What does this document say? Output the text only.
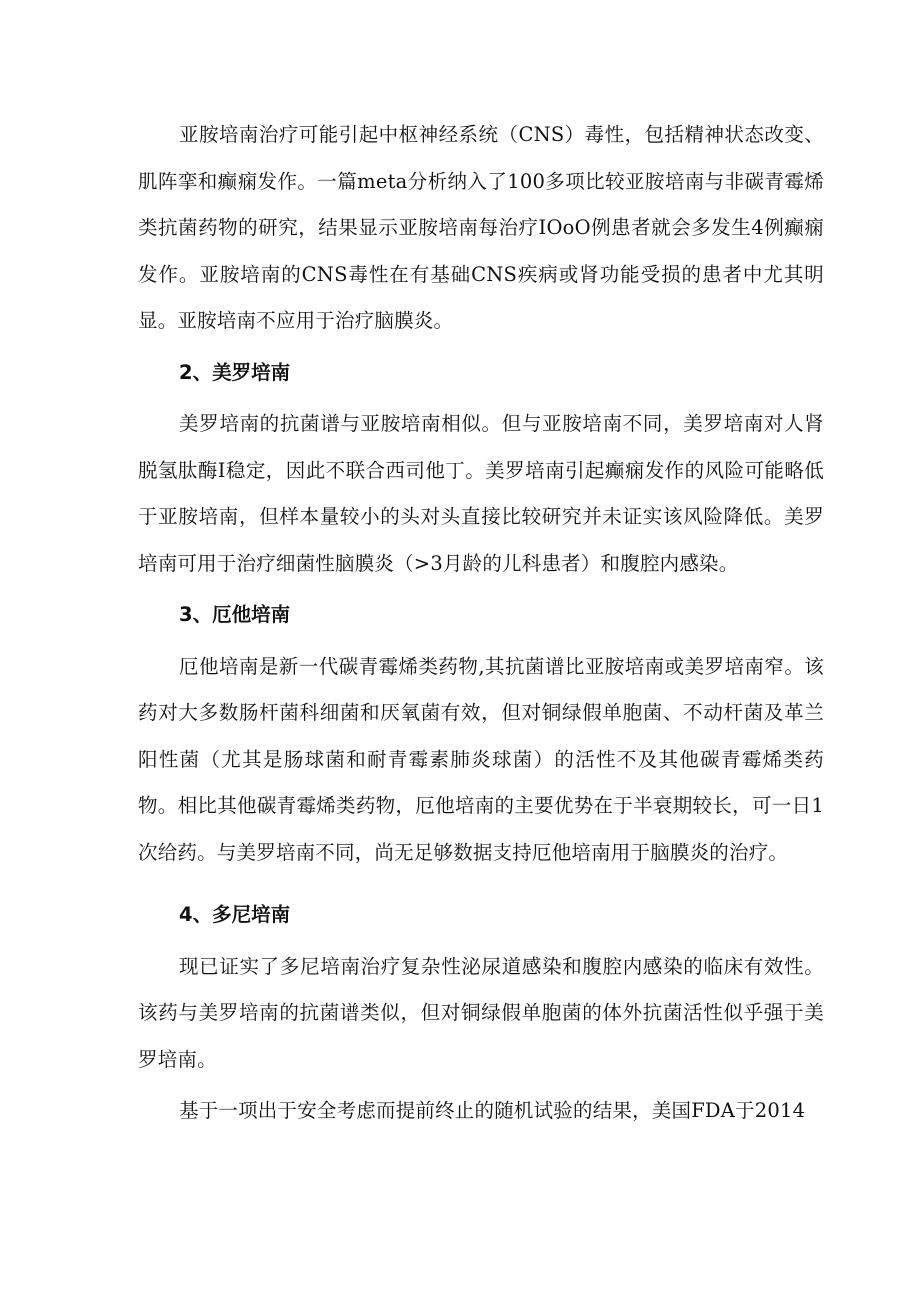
亚胺培南治疗可能引起中枢神经系统（CNS）毒性，包括精神状态改变、肌阵挛和癫痫发作。一篇meta分析纳入了100多项比较亚胺培南与非碳青霉烯类抗菌药物的研究，结果显示亚胺培南每治疗IOoO例患者就会多发生4例癫痫发作。亚胺培南的CNS毒性在有基础CNS疾病或肾功能受损的患者中尤其明显。亚胺培南不应用于治疗脑膜炎。

2、美罗培南

美罗培南的抗菌谱与亚胺培南相似。但与亚胺培南不同，美罗培南对人肾脱氢肽酶Ⅰ稳定，因此不联合西司他丁。美罗培南引起癫痫发作的风险可能略低于亚胺培南，但样本量较小的头对头直接比较研究并未证实该风险降低。美罗培南可用于治疗细菌性脑膜炎（>3月龄的儿科患者）和腹腔内感染。

3、厄他培南

厄他培南是新一代碳青霉烯类药物,其抗菌谱比亚胺培南或美罗培南窄。该药对大多数肠杆菌科细菌和厌氧菌有效，但对铜绿假单胞菌、不动杆菌及革兰阳性菌（尤其是肠球菌和耐青霉素肺炎球菌）的活性不及其他碳青霉烯类药物。相比其他碳青霉烯类药物，厄他培南的主要优势在于半衰期较长，可一日1次给药。与美罗培南不同，尚无足够数据支持厄他培南用于脑膜炎的治疗。

4、多尼培南

现已证实了多尼培南治疗复杂性泌尿道感染和腹腔内感染的临床有效性。该药与美罗培南的抗菌谱类似，但对铜绿假单胞菌的体外抗菌活性似乎强于美罗培南。

基于一项出于安全考虑而提前终止的随机试验的结果，美国FDA于2014
